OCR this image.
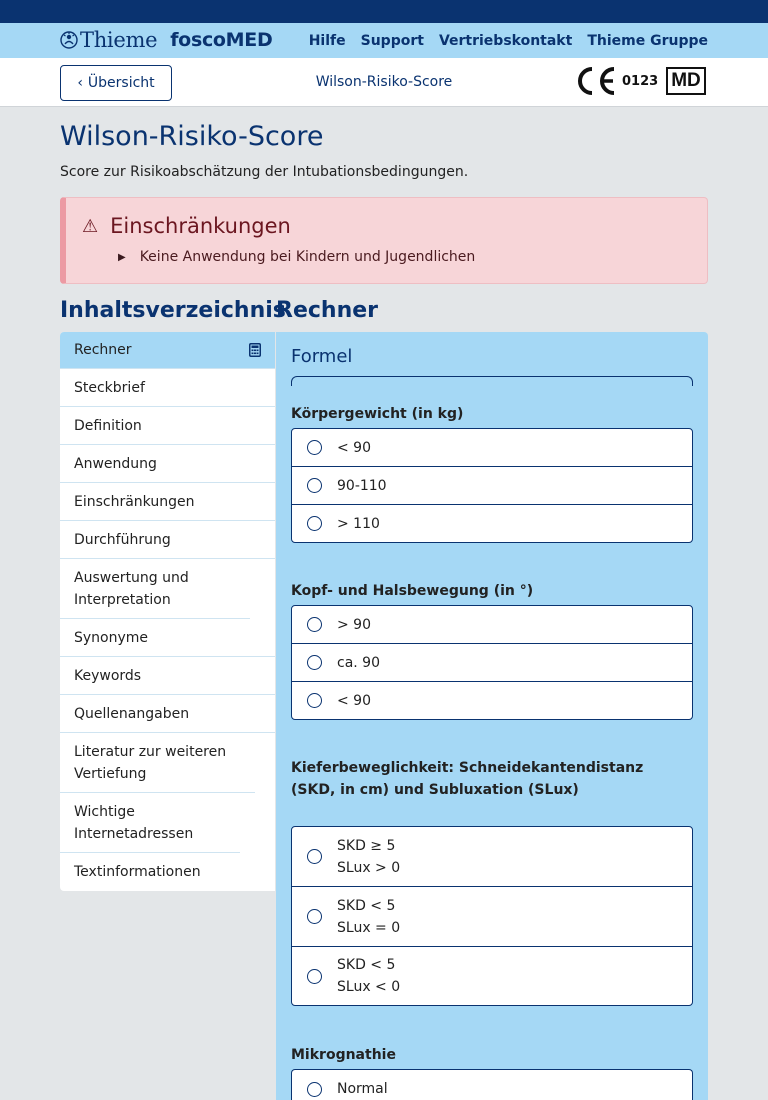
Thieme foscoMED	Hilfe Support Vertriebskontakt Thieme Gruppe
‹ Übersicht	Wilson-Risiko-Score	0123 MD
Wilson-Risiko-Score
Score zur Risikoabschätzung der Intubationsbedingungen.
⚠ Einschränkungen
▶ Keine Anwendung bei Kindern und Jugendlichen
Inhaltsverzeichnis
Rechner
Rechner
Steckbrief
Definition
Anwendung
Einschränkungen
Durchführung
Auswertung und Interpretation
Synonyme
Keywords
Quellenangaben
Literatur zur weiteren Vertiefung
Wichtige Internetadressen
Textinformationen
Formel
Körpergewicht (in kg)
< 90
90-110
> 110
Kopf- und Halsbewegung (in °)
> 90
ca. 90
< 90
Kieferbeweglichkeit: Schneidekantendistanz (SKD, in cm) und Subluxation (SLux)
SKD ≥ 5
SLux > 0
SKD < 5
SLux = 0
SKD < 5
SLux < 0
Mikrognathie
Normal
